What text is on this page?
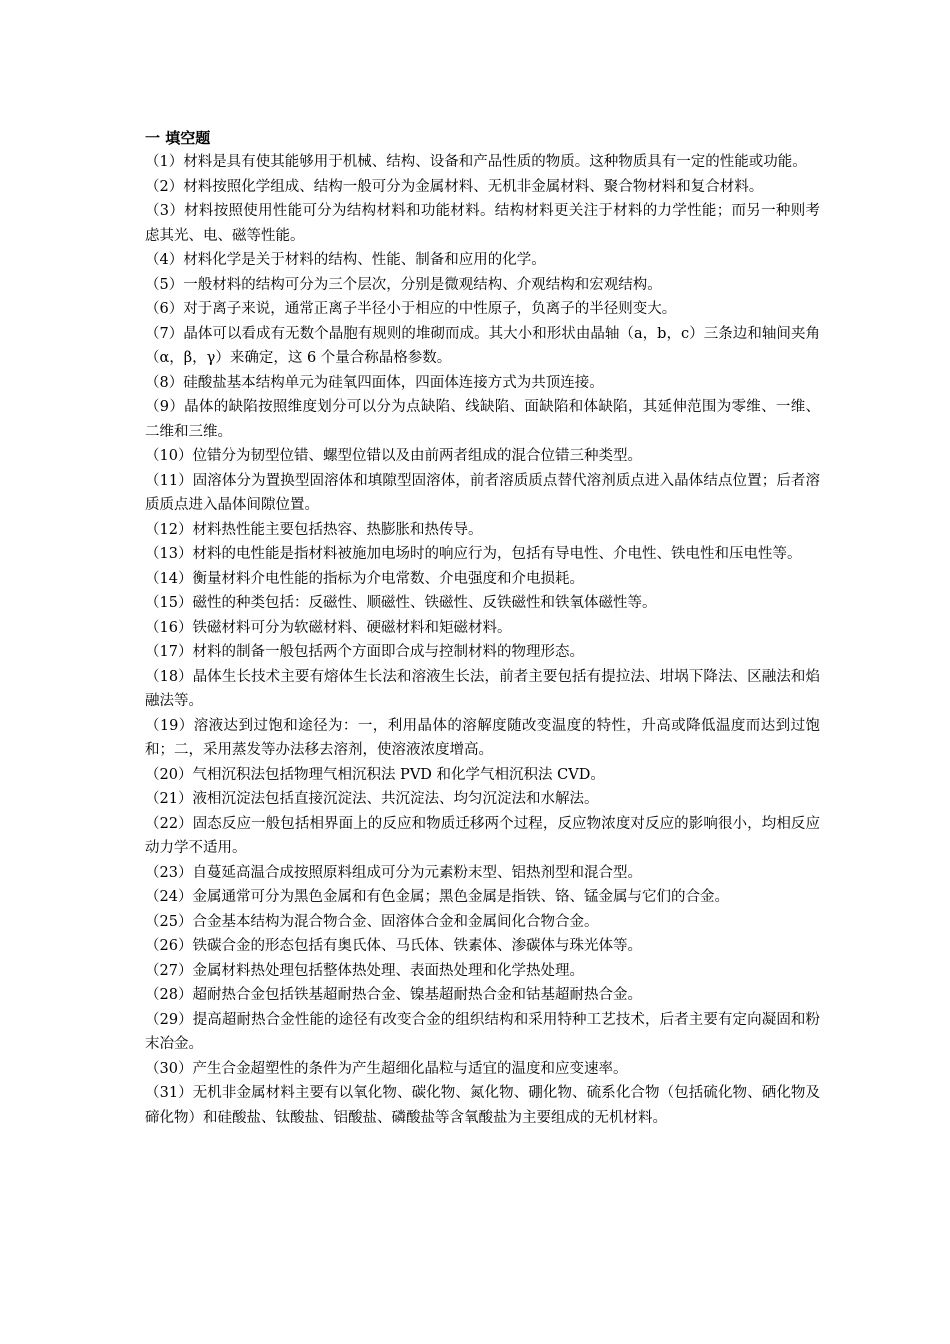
一 填空题

（1）材料是具有使其能够用于机械、结构、设备和产品性质的物质。这种物质具有一定的性能或功能。

（2）材料按照化学组成、结构一般可分为金属材料、无机非金属材料、聚合物材料和复合材料。

（3）材料按照使用性能可分为结构材料和功能材料。结构材料更关注于材料的力学性能；而另一种则考虑其光、电、磁等性能。

（4）材料化学是关于材料的结构、性能、制备和应用的化学。

（5）一般材料的结构可分为三个层次，分别是微观结构、介观结构和宏观结构。

（6）对于离子来说，通常正离子半径小于相应的中性原子，负离子的半径则变大。

（7）晶体可以看成有无数个晶胞有规则的堆砌而成。其大小和形状由晶轴（a，b，c）三条边和轴间夹角（α，β，γ）来确定，这 6 个量合称晶格参数。

（8）硅酸盐基本结构单元为硅氧四面体，四面体连接方式为共顶连接。

（9）晶体的缺陷按照维度划分可以分为点缺陷、线缺陷、面缺陷和体缺陷，其延伸范围为零维、一维、二维和三维。

（10）位错分为韧型位错、螺型位错以及由前两者组成的混合位错三种类型。

（11）固溶体分为置换型固溶体和填隙型固溶体，前者溶质质点替代溶剂质点进入晶体结点位置；后者溶质质点进入晶体间隙位置。

（12）材料热性能主要包括热容、热膨胀和热传导。

（13）材料的电性能是指材料被施加电场时的响应行为，包括有导电性、介电性、铁电性和压电性等。

（14）衡量材料介电性能的指标为介电常数、介电强度和介电损耗。

（15）磁性的种类包括：反磁性、顺磁性、铁磁性、反铁磁性和铁氧体磁性等。

（16）铁磁材料可分为软磁材料、硬磁材料和矩磁材料。

（17）材料的制备一般包括两个方面即合成与控制材料的物理形态。

（18）晶体生长技术主要有熔体生长法和溶液生长法，前者主要包括有提拉法、坩埚下降法、区融法和焰融法等。

（19）溶液达到过饱和途径为：一，利用晶体的溶解度随改变温度的特性，升高或降低温度而达到过饱和；二，采用蒸发等办法移去溶剂，使溶液浓度增高。

（20）气相沉积法包括物理气相沉积法 PVD 和化学气相沉积法 CVD。

（21）液相沉淀法包括直接沉淀法、共沉淀法、均匀沉淀法和水解法。

（22）固态反应一般包括相界面上的反应和物质迁移两个过程，反应物浓度对反应的影响很小，均相反应动力学不适用。

（23）自蔓延高温合成按照原料组成可分为元素粉末型、铝热剂型和混合型。

（24）金属通常可分为黑色金属和有色金属；黑色金属是指铁、铬、锰金属与它们的合金。

（25）合金基本结构为混合物合金、固溶体合金和金属间化合物合金。

（26）铁碳合金的形态包括有奥氏体、马氏体、铁素体、渗碳体与珠光体等。

（27）金属材料热处理包括整体热处理、表面热处理和化学热处理。

（28）超耐热合金包括铁基超耐热合金、镍基超耐热合金和钴基超耐热合金。

（29）提高超耐热合金性能的途径有改变合金的组织结构和采用特种工艺技术，后者主要有定向凝固和粉末冶金。

（30）产生合金超塑性的条件为产生超细化晶粒与适宜的温度和应变速率。

（31）无机非金属材料主要有以氧化物、碳化物、氮化物、硼化物、硫系化合物（包括硫化物、硒化物及碲化物）和硅酸盐、钛酸盐、铝酸盐、磷酸盐等含氧酸盐为主要组成的无机材料。
